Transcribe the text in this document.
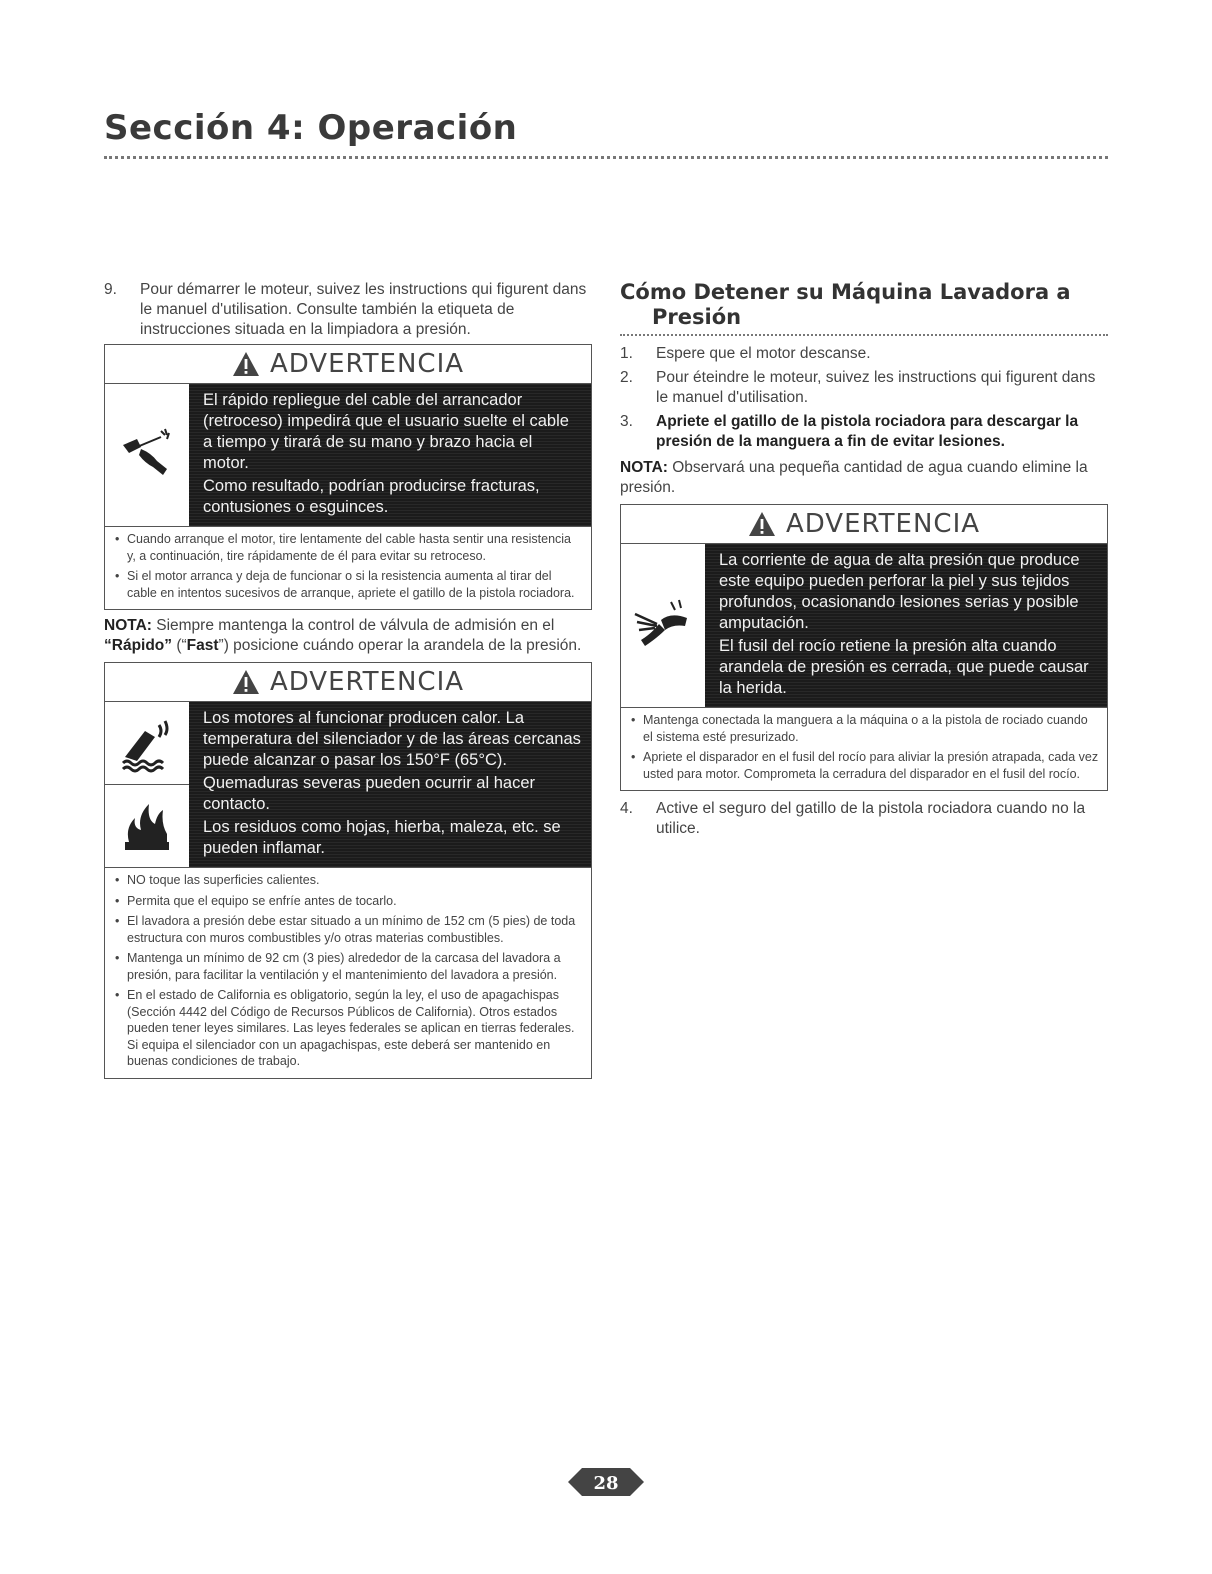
Sección 4: Operación
9.	Pour démarrer le moteur, suivez les instructions qui figurent dans le manuel d'utilisation. Consulte también la etiqueta de instrucciones situada en la limpiadora a presión.
ADVERTENCIA

El rápido repliegue del cable del arrancador (retroceso) impedirá que el usuario suelte el cable a tiempo y tirará de su mano y brazo hacia el motor.

Como resultado, podrían producirse fracturas, contusiones o esguinces.

• Cuando arranque el motor, tire lentamente del cable hasta sentir una resistencia y, a continuación, tire rápidamente de él para evitar su retroceso.
• Si el motor arranca y deja de funcionar o si la resistencia aumenta al tirar del cable en intentos sucesivos de arranque, apriete el gatillo de la pistola rociadora.
NOTA: Siempre mantenga la control de válvula de admisión en el “Rápido” (“Fast”) posicione cuándo operar la arandela de la presión.
ADVERTENCIA

Los motores al funcionar producen calor. La temperatura del silenciador y de las áreas cercanas puede alcanzar o pasar los 150°F (65°C).

Quemaduras severas pueden ocurrir al hacer contacto.

Los residuos como hojas, hierba, maleza, etc. se pueden inflamar.

• NO toque las superficies calientes.
• Permita que el equipo se enfríe antes de tocarlo.
• El lavadora a presión debe estar situado a un mínimo de 152 cm (5 pies) de toda estructura con muros combustibles y/o otras materias combustibles.
• Mantenga un mínimo de 92 cm (3 pies) alrededor de la carcasa del lavadora a presión, para facilitar la ventilación y el mantenimiento del lavadora a presión.
• En el estado de California es obligatorio, según la ley, el uso de apagachispas (Sección 4442 del Código de Recursos Públicos de California). Otros estados pueden tener leyes similares. Las leyes federales se aplican en tierras federales. Si equipa el silenciador con un apagachispas, este deberá ser mantenido en buenas condiciones de trabajo.
Cómo Detener su Máquina Lavadora a
Presión
1.	Espere que el motor descanse.
2.	Pour éteindre le moteur, suivez les instructions qui figurent dans le manuel d'utilisation.
3.	Apriete el gatillo de la pistola rociadora para descargar la presión de la manguera a fin de evitar lesiones.
NOTA: Observará una pequeña cantidad de agua cuando elimine la presión.
ADVERTENCIA

La corriente de agua de alta presión que produce este equipo pueden perforar la piel y sus tejidos profundos, ocasionando lesiones serias y posible amputación.

El fusil del rocío retiene la presión alta cuando arandela de presión es cerrada, que puede causar la herida.

• Mantenga conectada la manguera a la máquina o a la pistola de rociado cuando el sistema esté presurizado.
• Apriete el disparador en el fusil del rocío para aliviar la presión atrapada, cada vez usted para motor. Comprometa la cerradura del disparador en el fusil del rocío.
4.	Active el seguro del gatillo de la pistola rociadora cuando no la utilice.
28
